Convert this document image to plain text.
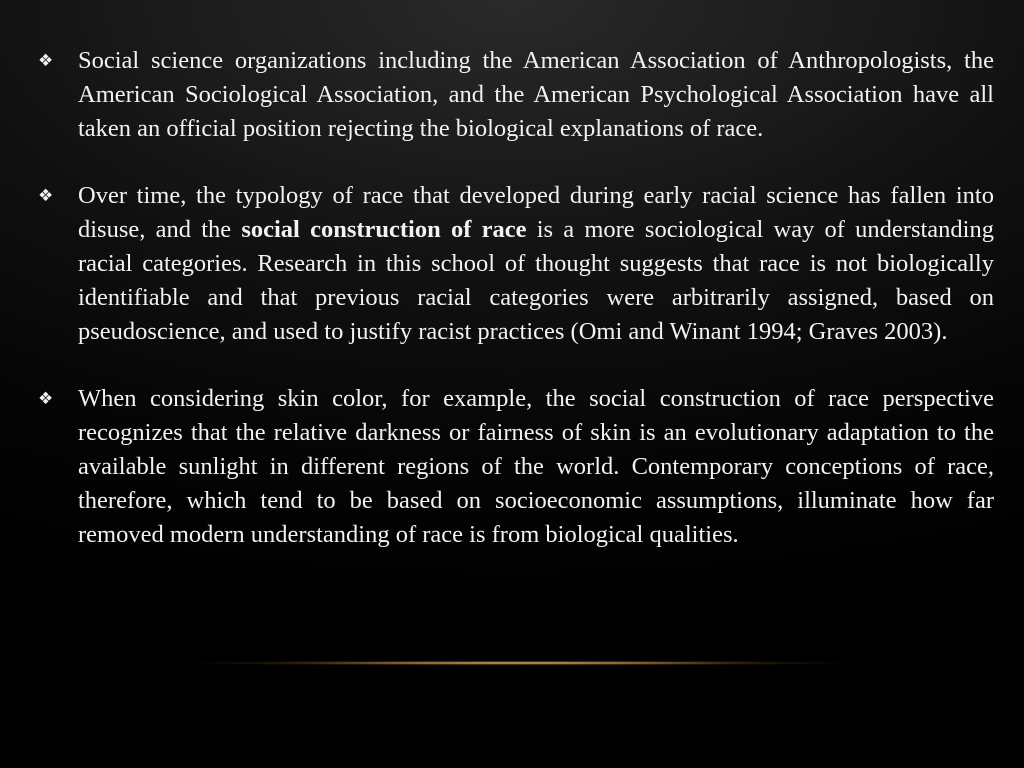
❖	Social science organizations including the American Association of Anthropologists, the American Sociological Association, and the American Psychological Association have all taken an official position rejecting the biological explanations of race.

❖	Over time, the typology of race that developed during early racial science has fallen into disuse, and the social construction of race is a more sociological way of understanding racial categories. Research in this school of thought suggests that race is not biologically identifiable and that previous racial categories were arbitrarily assigned, based on pseudoscience, and used to justify racist practices (Omi and Winant 1994; Graves 2003).

❖	When considering skin color, for example, the social construction of race perspective recognizes that the relative darkness or fairness of skin is an evolutionary adaptation to the available sunlight in different regions of the world. Contemporary conceptions of race, therefore, which tend to be based on socioeconomic assumptions, illuminate how far removed modern understanding of race is from biological qualities.
